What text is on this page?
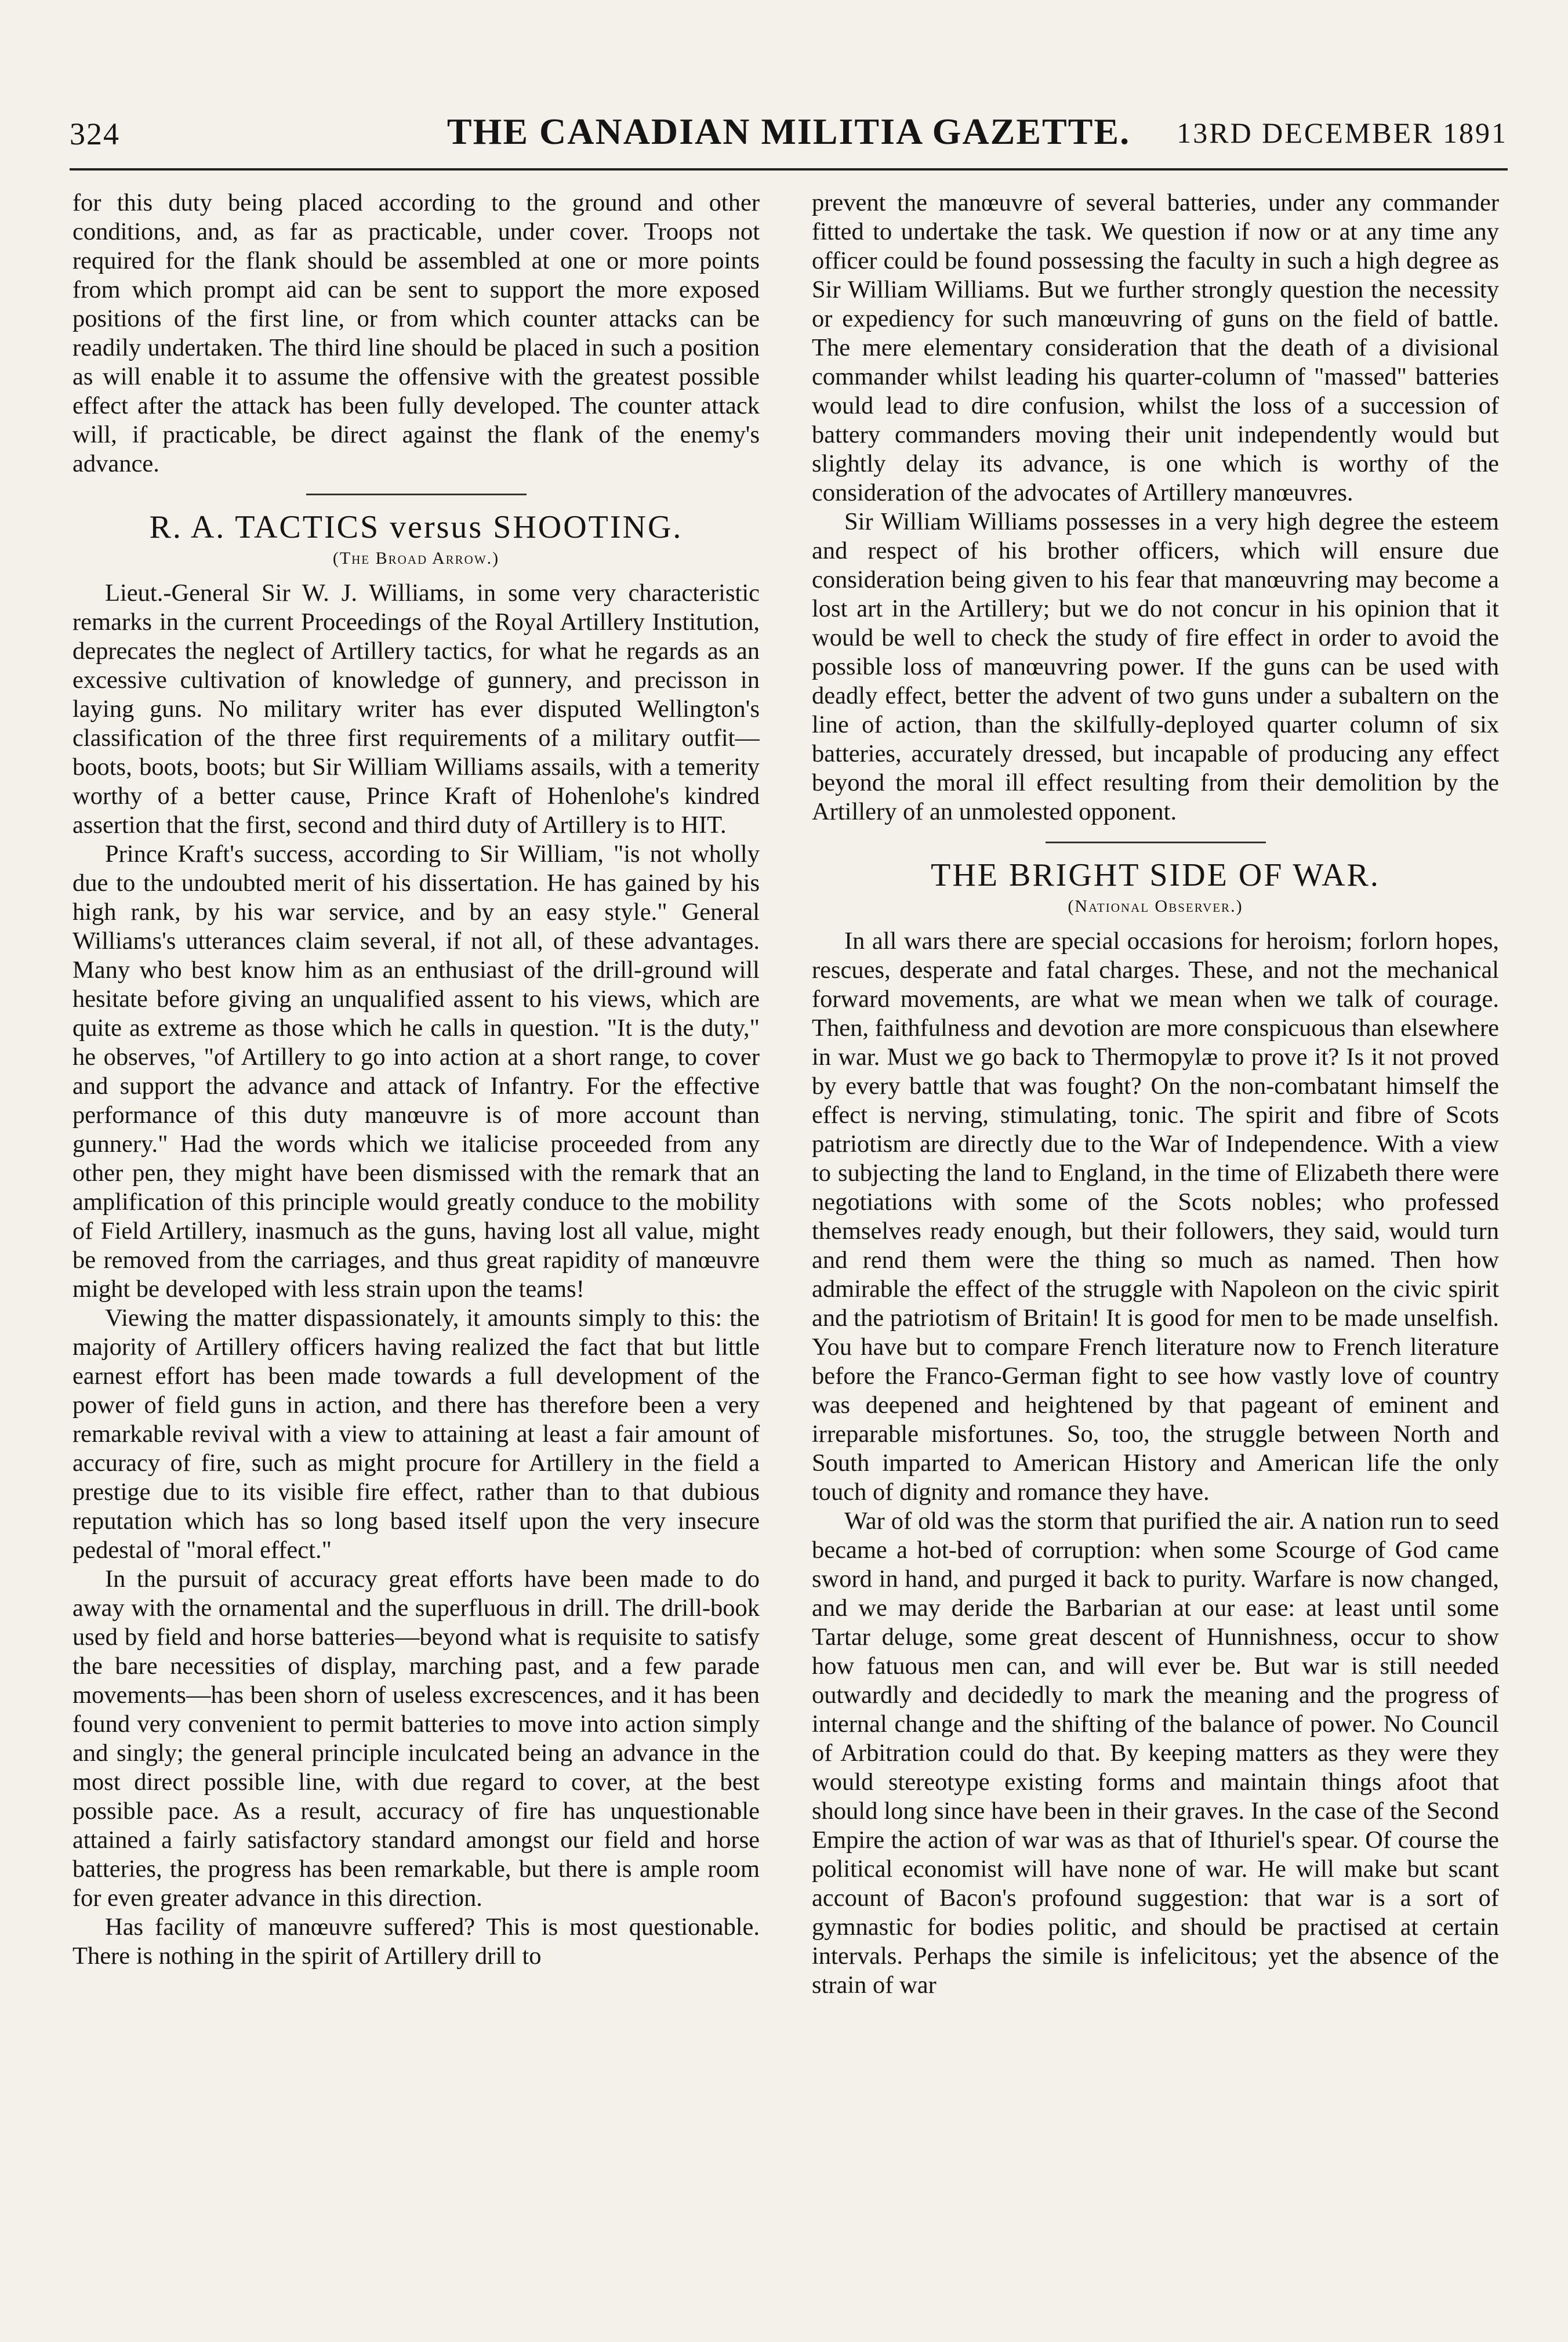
324	THE CANADIAN MILITIA GAZETTE.	13RD DECEMBER 1891

for this duty being placed according to the ground and other conditions, and, as far as practicable, under cover. Troops not required for the flank should be assembled at one or more points from which prompt aid can be sent to support the more exposed positions of the first line, or from which counter attacks can be readily undertaken. The third line should be placed in such a position as will enable it to assume the offensive with the greatest possible effect after the attack has been fully developed. The counter attack will, if practicable, be direct against the flank of the enemy's advance.

R. A. TACTICS versus SHOOTING.
(The Broad Arrow.)

Lieut.-General Sir W. J. Williams, in some very characteristic remarks in the current Proceedings of the Royal Artillery Institution, deprecates the neglect of Artillery tactics, for what he regards as an excessive cultivation of knowledge of gunnery, and precisson in laying guns. No military writer has ever disputed Wellington's classification of the three first requirements of a military outfit—boots, boots, boots; but Sir William Williams assails, with a temerity worthy of a better cause, Prince Kraft of Hohenlohe's kindred assertion that the first, second and third duty of Artillery is to HIT.

Prince Kraft's success, according to Sir William, "is not wholly due to the undoubted merit of his dissertation. He has gained by his high rank, by his war service, and by an easy style." General Williams's utterances claim several, if not all, of these advantages. Many who best know him as an enthusiast of the drill-ground will hesitate before giving an unqualified assent to his views, which are quite as extreme as those which he calls in question. "It is the duty," he observes, "of Artillery to go into action at a short range, to cover and support the advance and attack of Infantry. For the effective performance of this duty manœuvre is of more account than gunnery." Had the words which we italicise proceeded from any other pen, they might have been dismissed with the remark that an amplification of this principle would greatly conduce to the mobility of Field Artillery, inasmuch as the guns, having lost all value, might be removed from the carriages, and thus great rapidity of manœuvre might be developed with less strain upon the teams!

Viewing the matter dispassionately, it amounts simply to this: the majority of Artillery officers having realized the fact that but little earnest effort has been made towards a full development of the power of field guns in action, and there has therefore been a very remarkable revival with a view to attaining at least a fair amount of accuracy of fire, such as might procure for Artillery in the field a prestige due to its visible fire effect, rather than to that dubious reputation which has so long based itself upon the very insecure pedestal of "moral effect."

In the pursuit of accuracy great efforts have been made to do away with the ornamental and the superfluous in drill. The drill-book used by field and horse batteries—beyond what is requisite to satisfy the bare necessities of display, marching past, and a few parade movements—has been shorn of useless excrescences, and it has been found very convenient to permit batteries to move into action simply and singly; the general principle inculcated being an advance in the most direct possible line, with due regard to cover, at the best possible pace. As a result, accuracy of fire has unquestionable attained a fairly satisfactory standard amongst our field and horse batteries, the progress has been remarkable, but there is ample room for even greater advance in this direction.

Has facility of manœuvre suffered? This is most questionable. There is nothing in the spirit of Artillery drill to

prevent the manœuvre of several batteries, under any commander fitted to undertake the task. We question if now or at any time any officer could be found possessing the faculty in such a high degree as Sir William Williams. But we further strongly question the necessity or expediency for such manœuvring of guns on the field of battle. The mere elementary consideration that the death of a divisional commander whilst leading his quarter-column of "massed" batteries would lead to dire confusion, whilst the loss of a succession of battery commanders moving their unit independently would but slightly delay its advance, is one which is worthy of the consideration of the advocates of Artillery manœuvres.

Sir William Williams possesses in a very high degree the esteem and respect of his brother officers, which will ensure due consideration being given to his fear that manœuvring may become a lost art in the Artillery; but we do not concur in his opinion that it would be well to check the study of fire effect in order to avoid the possible loss of manœuvring power. If the guns can be used with deadly effect, better the advent of two guns under a subaltern on the line of action, than the skilfully-deployed quarter column of six batteries, accurately dressed, but incapable of producing any effect beyond the moral ill effect resulting from their demolition by the Artillery of an unmolested opponent.

THE BRIGHT SIDE OF WAR.
(National Observer.)

In all wars there are special occasions for heroism; forlorn hopes, rescues, desperate and fatal charges. These, and not the mechanical forward movements, are what we mean when we talk of courage. Then, faithfulness and devotion are more conspicuous than elsewhere in war. Must we go back to Thermopylæ to prove it? Is it not proved by every battle that was fought? On the non-combatant himself the effect is nerving, stimulating, tonic. The spirit and fibre of Scots patriotism are directly due to the War of Independence. With a view to subjecting the land to England, in the time of Elizabeth there were negotiations with some of the Scots nobles; who professed themselves ready enough, but their followers, they said, would turn and rend them were the thing so much as named. Then how admirable the effect of the struggle with Napoleon on the civic spirit and the patriotism of Britain! It is good for men to be made unselfish. You have but to compare French literature now to French literature before the Franco-German fight to see how vastly love of country was deepened and heightened by that pageant of eminent and irreparable misfortunes. So, too, the struggle between North and South imparted to American History and American life the only touch of dignity and romance they have.

War of old was the storm that purified the air. A nation run to seed became a hot-bed of corruption: when some Scourge of God came sword in hand, and purged it back to purity. Warfare is now changed, and we may deride the Barbarian at our ease: at least until some Tartar deluge, some great descent of Hunnishness, occur to show how fatuous men can, and will ever be. But war is still needed outwardly and decidedly to mark the meaning and the progress of internal change and the shifting of the balance of power. No Council of Arbitration could do that. By keeping matters as they were they would stereotype existing forms and maintain things afoot that should long since have been in their graves. In the case of the Second Empire the action of war was as that of Ithuriel's spear. Of course the political economist will have none of war. He will make but scant account of Bacon's profound suggestion: that war is a sort of gymnastic for bodies politic, and should be practised at certain intervals. Perhaps the simile is infelicitous; yet the absence of the strain of war
